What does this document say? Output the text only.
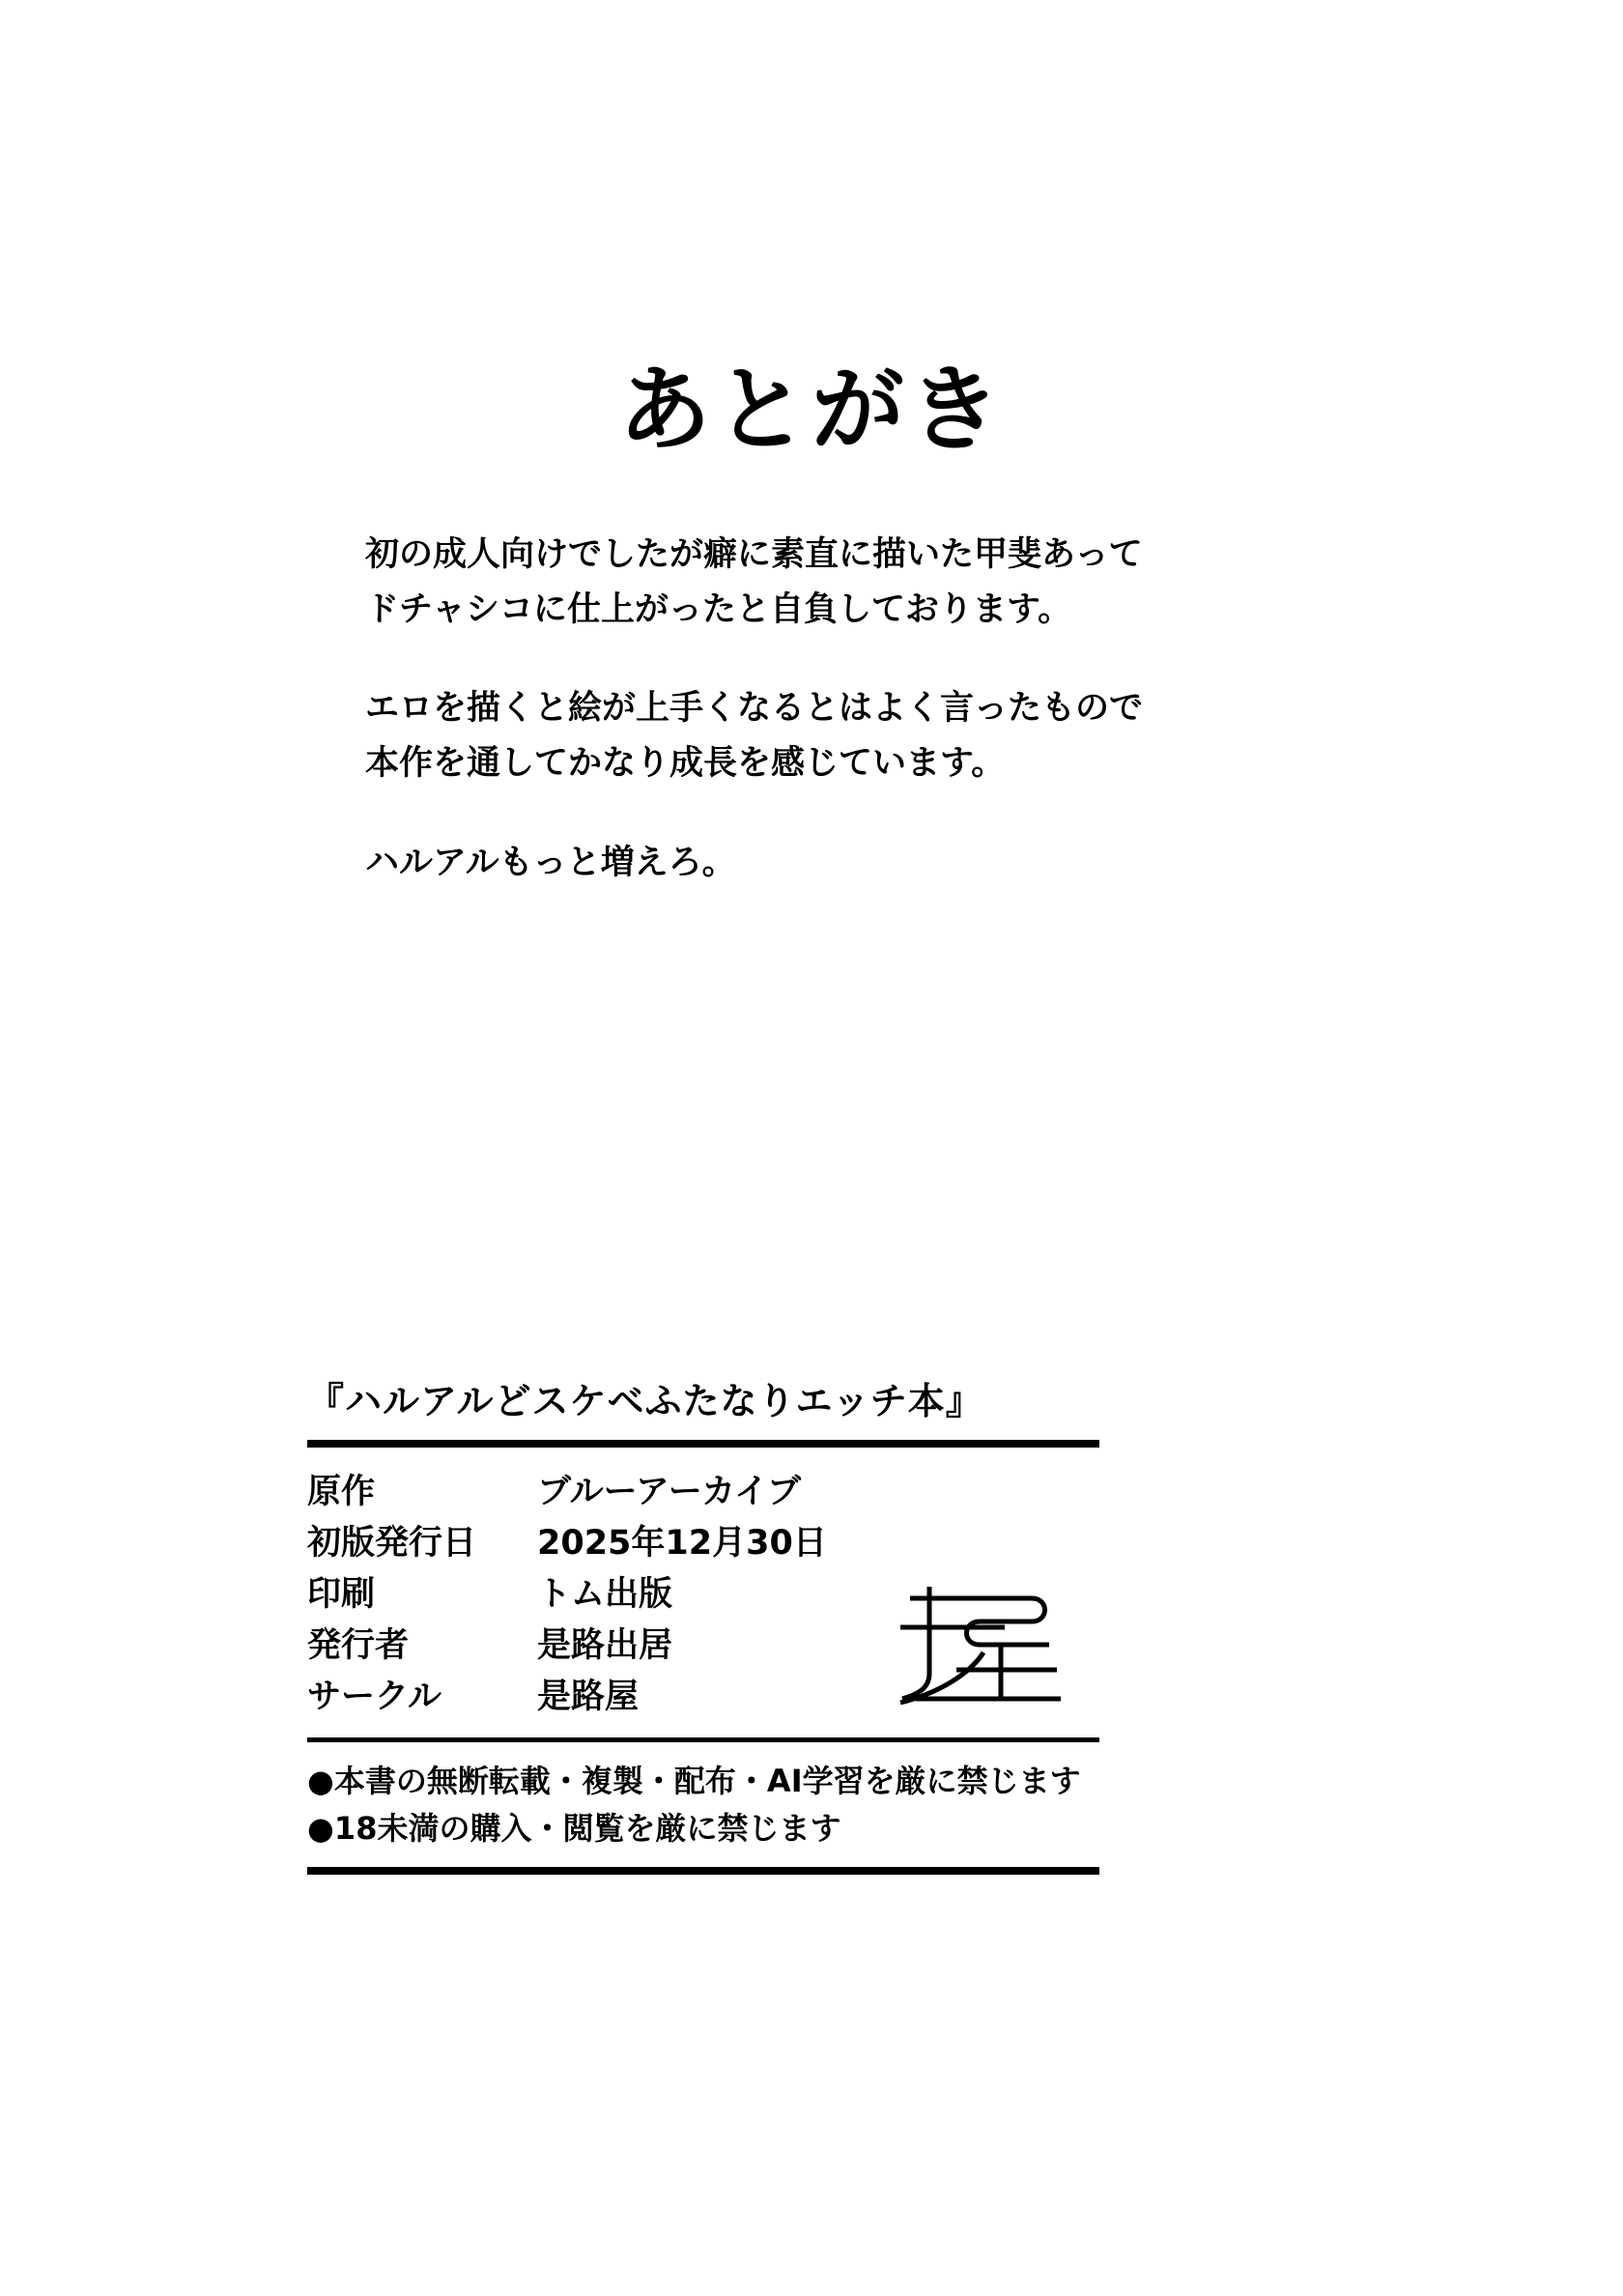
あとがき

初の成人向けでしたが癖に素直に描いた甲斐あって
ドチャシコに仕上がったと自負しております。

エロを描くと絵が上手くなるとはよく言ったもので
本作を通してかなり成長を感じています。

ハルアルもっと増えろ。

『ハルアルどスケベふたなりエッチ本』
原作	ブルーアーカイブ
初版発行日	2025年12月30日
印刷	トム出版
発行者	是路出居
サークル	是路屋
●本書の無断転載・複製・配布・AI学習を厳に禁じます
●18未満の購入・閲覧を厳に禁じます
